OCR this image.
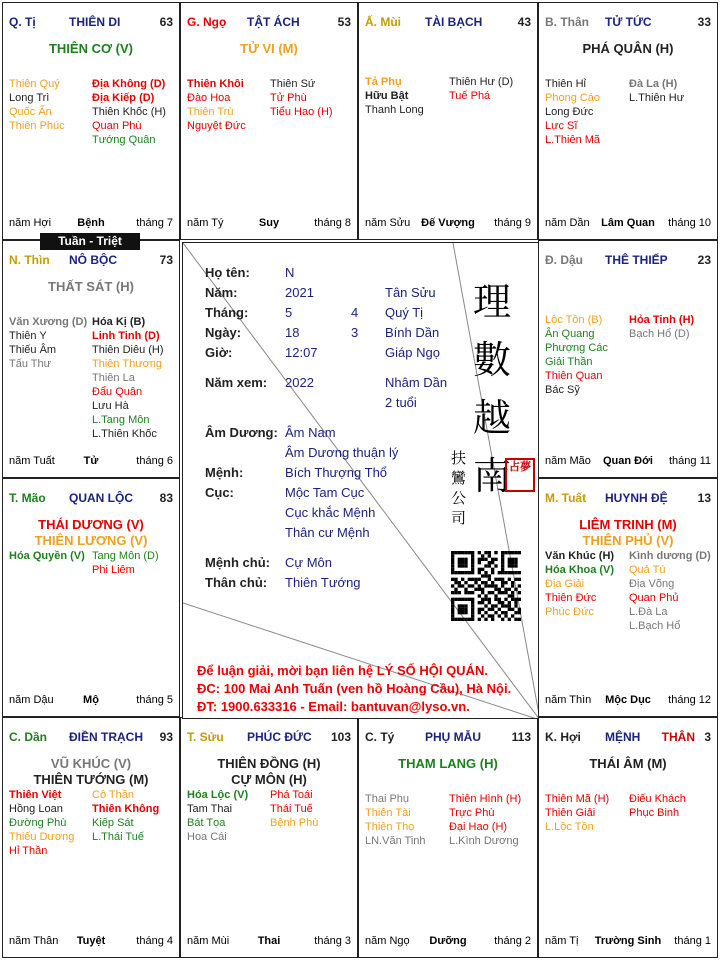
Q. Tị	THIÊN DI	63
THIÊN CƠ (V)
Thiên Quý
Long Trì
Quốc Ấn
Thiên Phúc
Địa Không (D)
Địa Kiếp (D)
Thiên Khốc (H)
Quan Phù
Tướng Quân
năm Hợi	Bệnh	tháng 7
G. Ngọ TẬT ÁCH	53
TỬ VI (M)
Thiên Khôi
Đào Hoa
Thiên Trù
Nguyệt Đức
Thiên Sứ
Tử Phù
Tiểu Hao (H)
năm Tý	Suy	tháng 8
Ấ. Mùi TÀI BẠCH	43
Tả Phụ
Hữu Bật
Thanh Long
Thiên Hư (D)
Tuế Phá
năm Sửu Đế Vượng	tháng 9
B. Thân TỬ TỨC	33
PHÁ QUÂN (H)
Thiên Hỉ
Phong Cáo
Long Đức
Lực Sĩ
L.Thiên Mã
Đà La (H)
L.Thiên Hư
năm Dần	Lâm Quan	tháng 10
N. Thìn NÔ BỘC	73
THẤT SÁT (H)
Văn Xương (D)
Thiên Y
Thiếu Âm
Tấu Thư
Hóa Kị (B)
Linh Tinh (D)
Thiên Diêu (H)
Thiên Thương
Thiên La
Đẩu Quân
Lưu Hà
L.Tang Môn
L.Thiên Khốc
năm Tuất	Tử	tháng 6
Đ. Dậu THÊ THIẾP 23
Lộc Tồn (B)
Ân Quang
Phượng Các
Giải Thần
Thiên Quan
Bác Sỹ
Hỏa Tinh (H)
Bạch Hổ (D)
năm Mão	Quan Đới	tháng 11
T. Mão QUAN LỘC 83
THÁI DƯƠNG (V)
THIÊN LƯƠNG (V)
Hóa Quyền (V) Tang Môn (D)
Phi Liêm
năm Dậu	Mộ	tháng 5
M. Tuất HUYNH ĐỆ 13
LIÊM TRINH (M)
THIÊN PHỦ (V)
Văn Khúc (H)
Hóa Khoa (V)
Địa Giải
Thiên Đức
Phúc Đức
Kình dương (D)
Quả Tú
Địa Võng
Quan Phủ
L.Đà La
L.Bạch Hổ
năm Thìn	Mộc Dục	tháng 12
C. Dần ĐIỀN TRẠCH 93
VŨ KHÚC (V)
THIÊN TƯỚNG (M)
Thiên Việt
Hồng Loan
Đường Phù
Thiếu Dương
Hỉ Thần
Cô Thần
Thiên Không
Kiếp Sát
L.Thái Tuế
năm Thân	Tuyệt	tháng 4
T. Sửu PHÚC ĐỨC 103
THIÊN ĐỒNG (H)
CỰ MÔN (H)
Hóa Lộc (V)
Tam Thai
Bát Tọa
Hoa Cái
Phá Toái
Thái Tuế
Bệnh Phù
năm Mùi	Thai	tháng 3
C. Tý	PHỤ MẪU	113
THAM LANG (H)
Thai Phụ
Thiên Tài
Thiên Thọ
LN.Văn Tinh
Thiên Hình (H)
Trực Phù
Đại Hao (H)
L.Kình Dương
năm Ngọ	Dưỡng	tháng 2
K. Hợi MỆNH	3
THÂN
THÁI ÂM (M)
Thiên Mã (H)
Thiên Giải
L.Lộc Tồn
Điếu Khách
Phục Binh
năm Tị	Trường Sinh	tháng 1
Họ tên:	N
Năm:	2021	Tân Sửu
Tháng:	5	4 Quý Tị
Ngày:	18	3 Bính Dần
Giờ:	12:07	Giáp Ngọ
Năm xem: 2022	Nhâm Dần
2 tuổi
Âm Dương: Âm Nam
Âm Dương thuận lý
Mệnh:	Bích Thượng Thổ
Cục:	Mộc Tam Cục
Cục khắc Mệnh
Thân cư Mệnh
Mệnh chủ: Cự Môn
Thân chủ: Thiên Tướng
理
數
越
南
扶
鸞
公
司
占夢
Để luận giải, mời bạn liên hệ LÝ SỐ HỘI QUÁN.
ĐC: 100 Mai Anh Tuấn (ven hồ Hoàng Cầu), Hà Nội.
ĐT: 1900.633316 - Email: bantuvan@lyso.vn.
Tuần - Triệt
